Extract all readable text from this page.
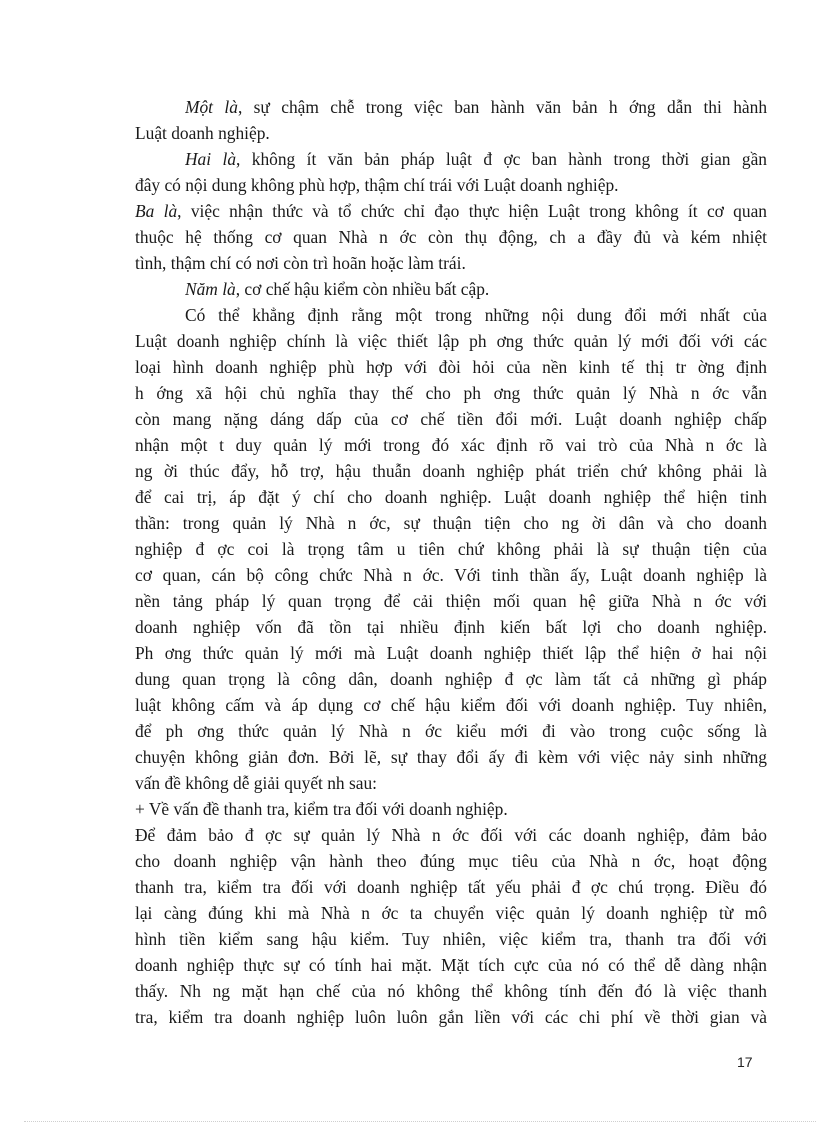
Một là, sự chậm chễ trong việc ban hành văn bản h ớng dẫn thi hành
Luật doanh nghiệp.
Hai là, không ít văn bản pháp luật đ ợc ban hành trong thời gian gần
đây có nội dung không phù hợp, thậm chí trái với Luật doanh nghiệp.
Ba là, việc nhận thức và tổ chức chỉ đạo thực hiện Luật trong không ít cơ quan
thuộc hệ thống cơ quan Nhà n ớc còn thụ động, ch a đầy đủ và kém nhiệt
tình, thậm chí có nơi còn trì hoãn hoặc làm trái.
Năm là, cơ chế hậu kiểm còn nhiều bất cập.
Có thể khẳng định rằng một trong những nội dung đổi mới nhất của
Luật doanh nghiệp chính là việc thiết lập ph ơng thức quản lý mới đối với các
loại hình doanh nghiệp phù hợp với đòi hỏi của nền kinh tế thị tr ờng định
h ớng xã hội chủ nghĩa thay thế cho ph ơng thức quản lý Nhà n ớc vẫn
còn mang nặng dáng dấp của cơ chế tiền đổi mới. Luật doanh nghiệp chấp
nhận một t duy quản lý mới trong đó xác định rõ vai trò của Nhà n ớc là
ng ời thúc đẩy, hỗ trợ, hậu thuẫn doanh nghiệp phát triển chứ không phải là
để cai trị, áp đặt ý chí cho doanh nghiệp. Luật doanh nghiệp thể hiện tinh
thần: trong quản lý Nhà n ớc, sự thuận tiện cho ng ời dân và cho doanh
nghiệp đ ợc coi là trọng tâm u tiên chứ không phải là sự thuận tiện của
cơ quan, cán bộ công chức Nhà n ớc. Với tinh thần ấy, Luật doanh nghiệp là
nền tảng pháp lý quan trọng để cải thiện mối quan hệ giữa Nhà n ớc với
doanh nghiệp vốn đã tồn tại nhiều định kiến bất lợi cho doanh nghiệp.
Ph ơng thức quản lý mới mà Luật doanh nghiệp thiết lập thể hiện ở hai nội
dung quan trọng là công dân, doanh nghiệp đ ợc làm tất cả những gì pháp
luật không cấm và áp dụng cơ chế hậu kiểm đối với doanh nghiệp. Tuy nhiên,
để ph ơng thức quản lý Nhà n ớc kiểu mới đi vào trong cuộc sống là
chuyện không giản đơn. Bởi lẽ, sự thay đổi ấy đi kèm với việc nảy sinh những
vấn đề không dễ giải quyết nh sau:
+ Về vấn đề thanh tra, kiểm tra đối với doanh nghiệp.
Để đảm bảo đ ợc sự quản lý Nhà n ớc đối với các doanh nghiệp, đảm bảo
cho doanh nghiệp vận hành theo đúng mục tiêu của Nhà n ớc, hoạt động
thanh tra, kiểm tra đối với doanh nghiệp tất yếu phải đ ợc chú trọng. Điều đó
lại càng đúng khi mà Nhà n ớc ta chuyển việc quản lý doanh nghiệp từ mô
hình tiền kiểm sang hậu kiểm. Tuy nhiên, việc kiểm tra, thanh tra đối với
doanh nghiệp thực sự có tính hai mặt. Mặt tích cực của nó có thể dễ dàng nhận
thấy. Nh ng mặt hạn chế của nó không thể không tính đến đó là việc thanh
tra, kiểm tra doanh nghiệp luôn luôn gắn liền với các chi phí về thời gian và
17
